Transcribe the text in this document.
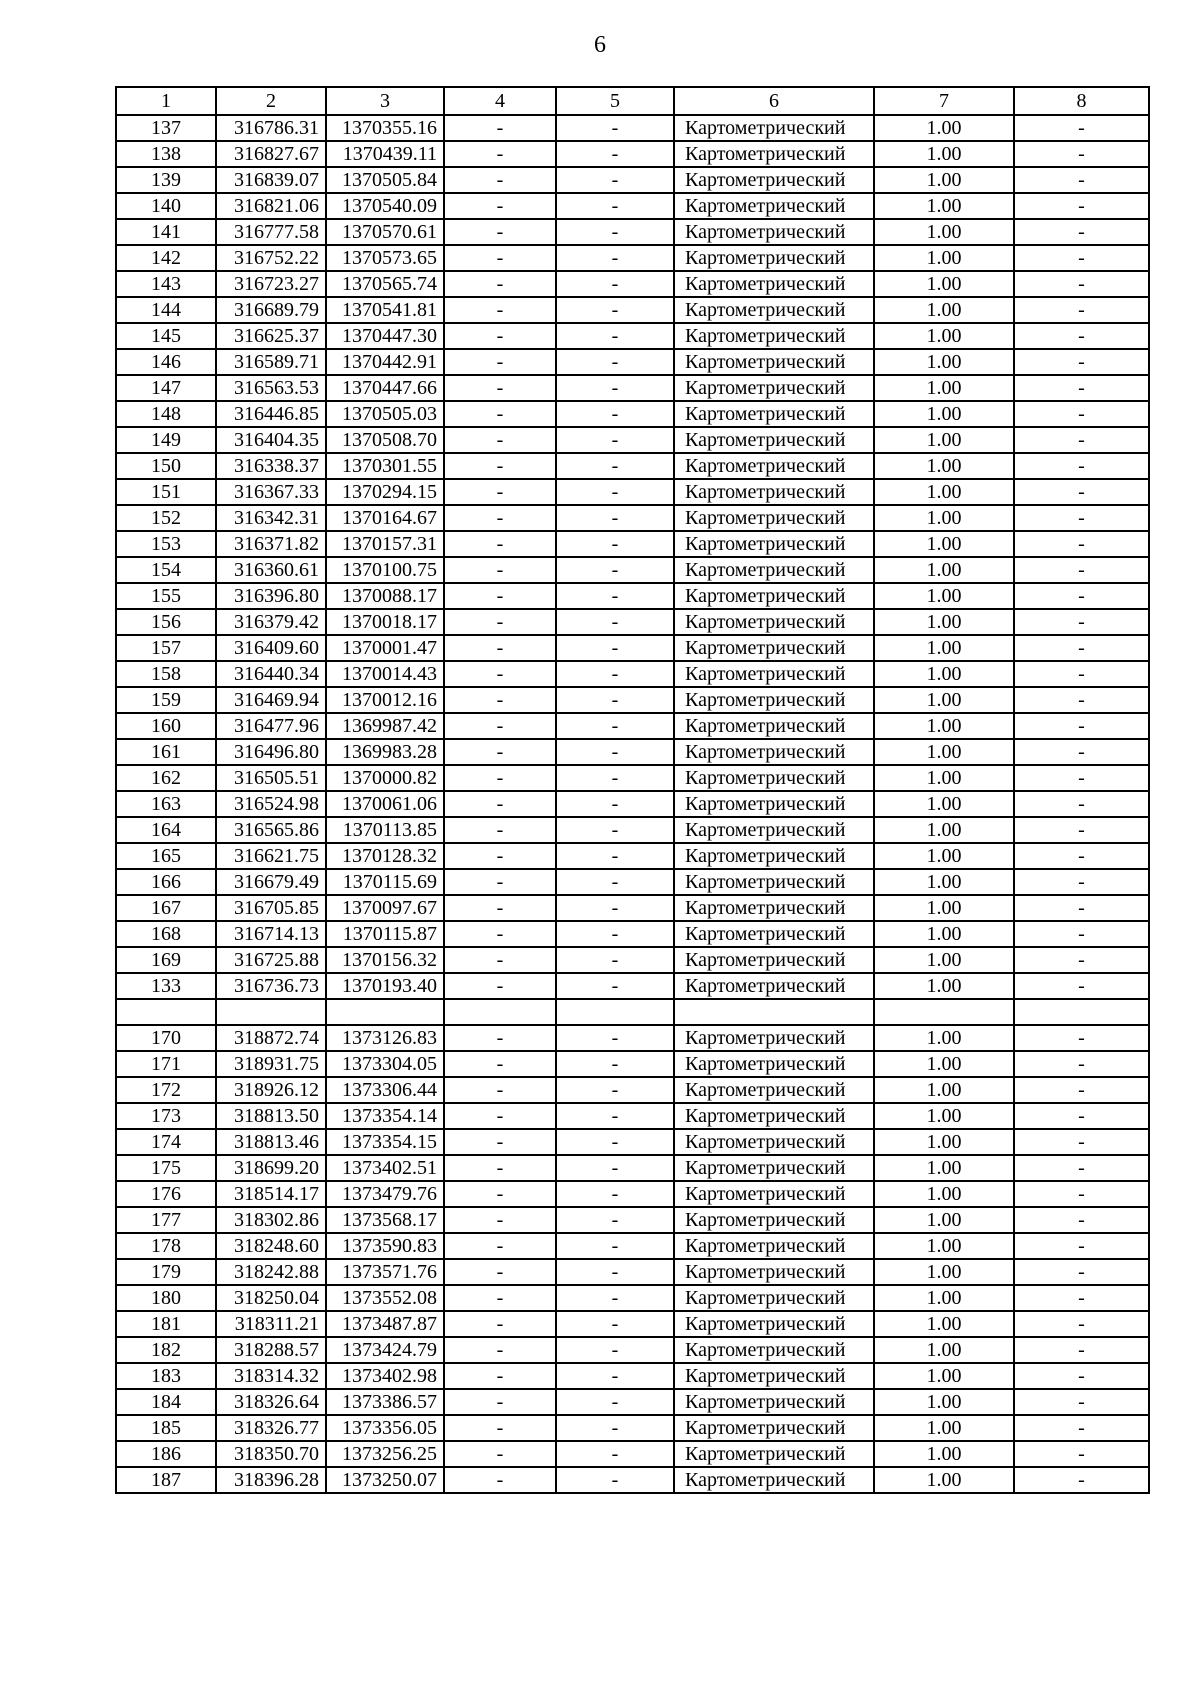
6
1	2	3	4	5	6	7	8
137	316786.31	1370355.16	-	-	Картометрический	1.00	-
138	316827.67	1370439.11	-	-	Картометрический	1.00	-
139	316839.07	1370505.84	-	-	Картометрический	1.00	-
140	316821.06	1370540.09	-	-	Картометрический	1.00	-
141	316777.58	1370570.61	-	-	Картометрический	1.00	-
142	316752.22	1370573.65	-	-	Картометрический	1.00	-
143	316723.27	1370565.74	-	-	Картометрический	1.00	-
144	316689.79	1370541.81	-	-	Картометрический	1.00	-
145	316625.37	1370447.30	-	-	Картометрический	1.00	-
146	316589.71	1370442.91	-	-	Картометрический	1.00	-
147	316563.53	1370447.66	-	-	Картометрический	1.00	-
148	316446.85	1370505.03	-	-	Картометрический	1.00	-
149	316404.35	1370508.70	-	-	Картометрический	1.00	-
150	316338.37	1370301.55	-	-	Картометрический	1.00	-
151	316367.33	1370294.15	-	-	Картометрический	1.00	-
152	316342.31	1370164.67	-	-	Картометрический	1.00	-
153	316371.82	1370157.31	-	-	Картометрический	1.00	-
154	316360.61	1370100.75	-	-	Картометрический	1.00	-
155	316396.80	1370088.17	-	-	Картометрический	1.00	-
156	316379.42	1370018.17	-	-	Картометрический	1.00	-
157	316409.60	1370001.47	-	-	Картометрический	1.00	-
158	316440.34	1370014.43	-	-	Картометрический	1.00	-
159	316469.94	1370012.16	-	-	Картометрический	1.00	-
160	316477.96	1369987.42	-	-	Картометрический	1.00	-
161	316496.80	1369983.28	-	-	Картометрический	1.00	-
162	316505.51	1370000.82	-	-	Картометрический	1.00	-
163	316524.98	1370061.06	-	-	Картометрический	1.00	-
164	316565.86	1370113.85	-	-	Картометрический	1.00	-
165	316621.75	1370128.32	-	-	Картометрический	1.00	-
166	316679.49	1370115.69	-	-	Картометрический	1.00	-
167	316705.85	1370097.67	-	-	Картометрический	1.00	-
168	316714.13	1370115.87	-	-	Картометрический	1.00	-
169	316725.88	1370156.32	-	-	Картометрический	1.00	-
133	316736.73	1370193.40	-	-	Картометрический	1.00	-

170	318872.74	1373126.83	-	-	Картометрический	1.00	-
171	318931.75	1373304.05	-	-	Картометрический	1.00	-
172	318926.12	1373306.44	-	-	Картометрический	1.00	-
173	318813.50	1373354.14	-	-	Картометрический	1.00	-
174	318813.46	1373354.15	-	-	Картометрический	1.00	-
175	318699.20	1373402.51	-	-	Картометрический	1.00	-
176	318514.17	1373479.76	-	-	Картометрический	1.00	-
177	318302.86	1373568.17	-	-	Картометрический	1.00	-
178	318248.60	1373590.83	-	-	Картометрический	1.00	-
179	318242.88	1373571.76	-	-	Картометрический	1.00	-
180	318250.04	1373552.08	-	-	Картометрический	1.00	-
181	318311.21	1373487.87	-	-	Картометрический	1.00	-
182	318288.57	1373424.79	-	-	Картометрический	1.00	-
183	318314.32	1373402.98	-	-	Картометрический	1.00	-
184	318326.64	1373386.57	-	-	Картометрический	1.00	-
185	318326.77	1373356.05	-	-	Картометрический	1.00	-
186	318350.70	1373256.25	-	-	Картометрический	1.00	-
187	318396.28	1373250.07	-	-	Картометрический	1.00	-
